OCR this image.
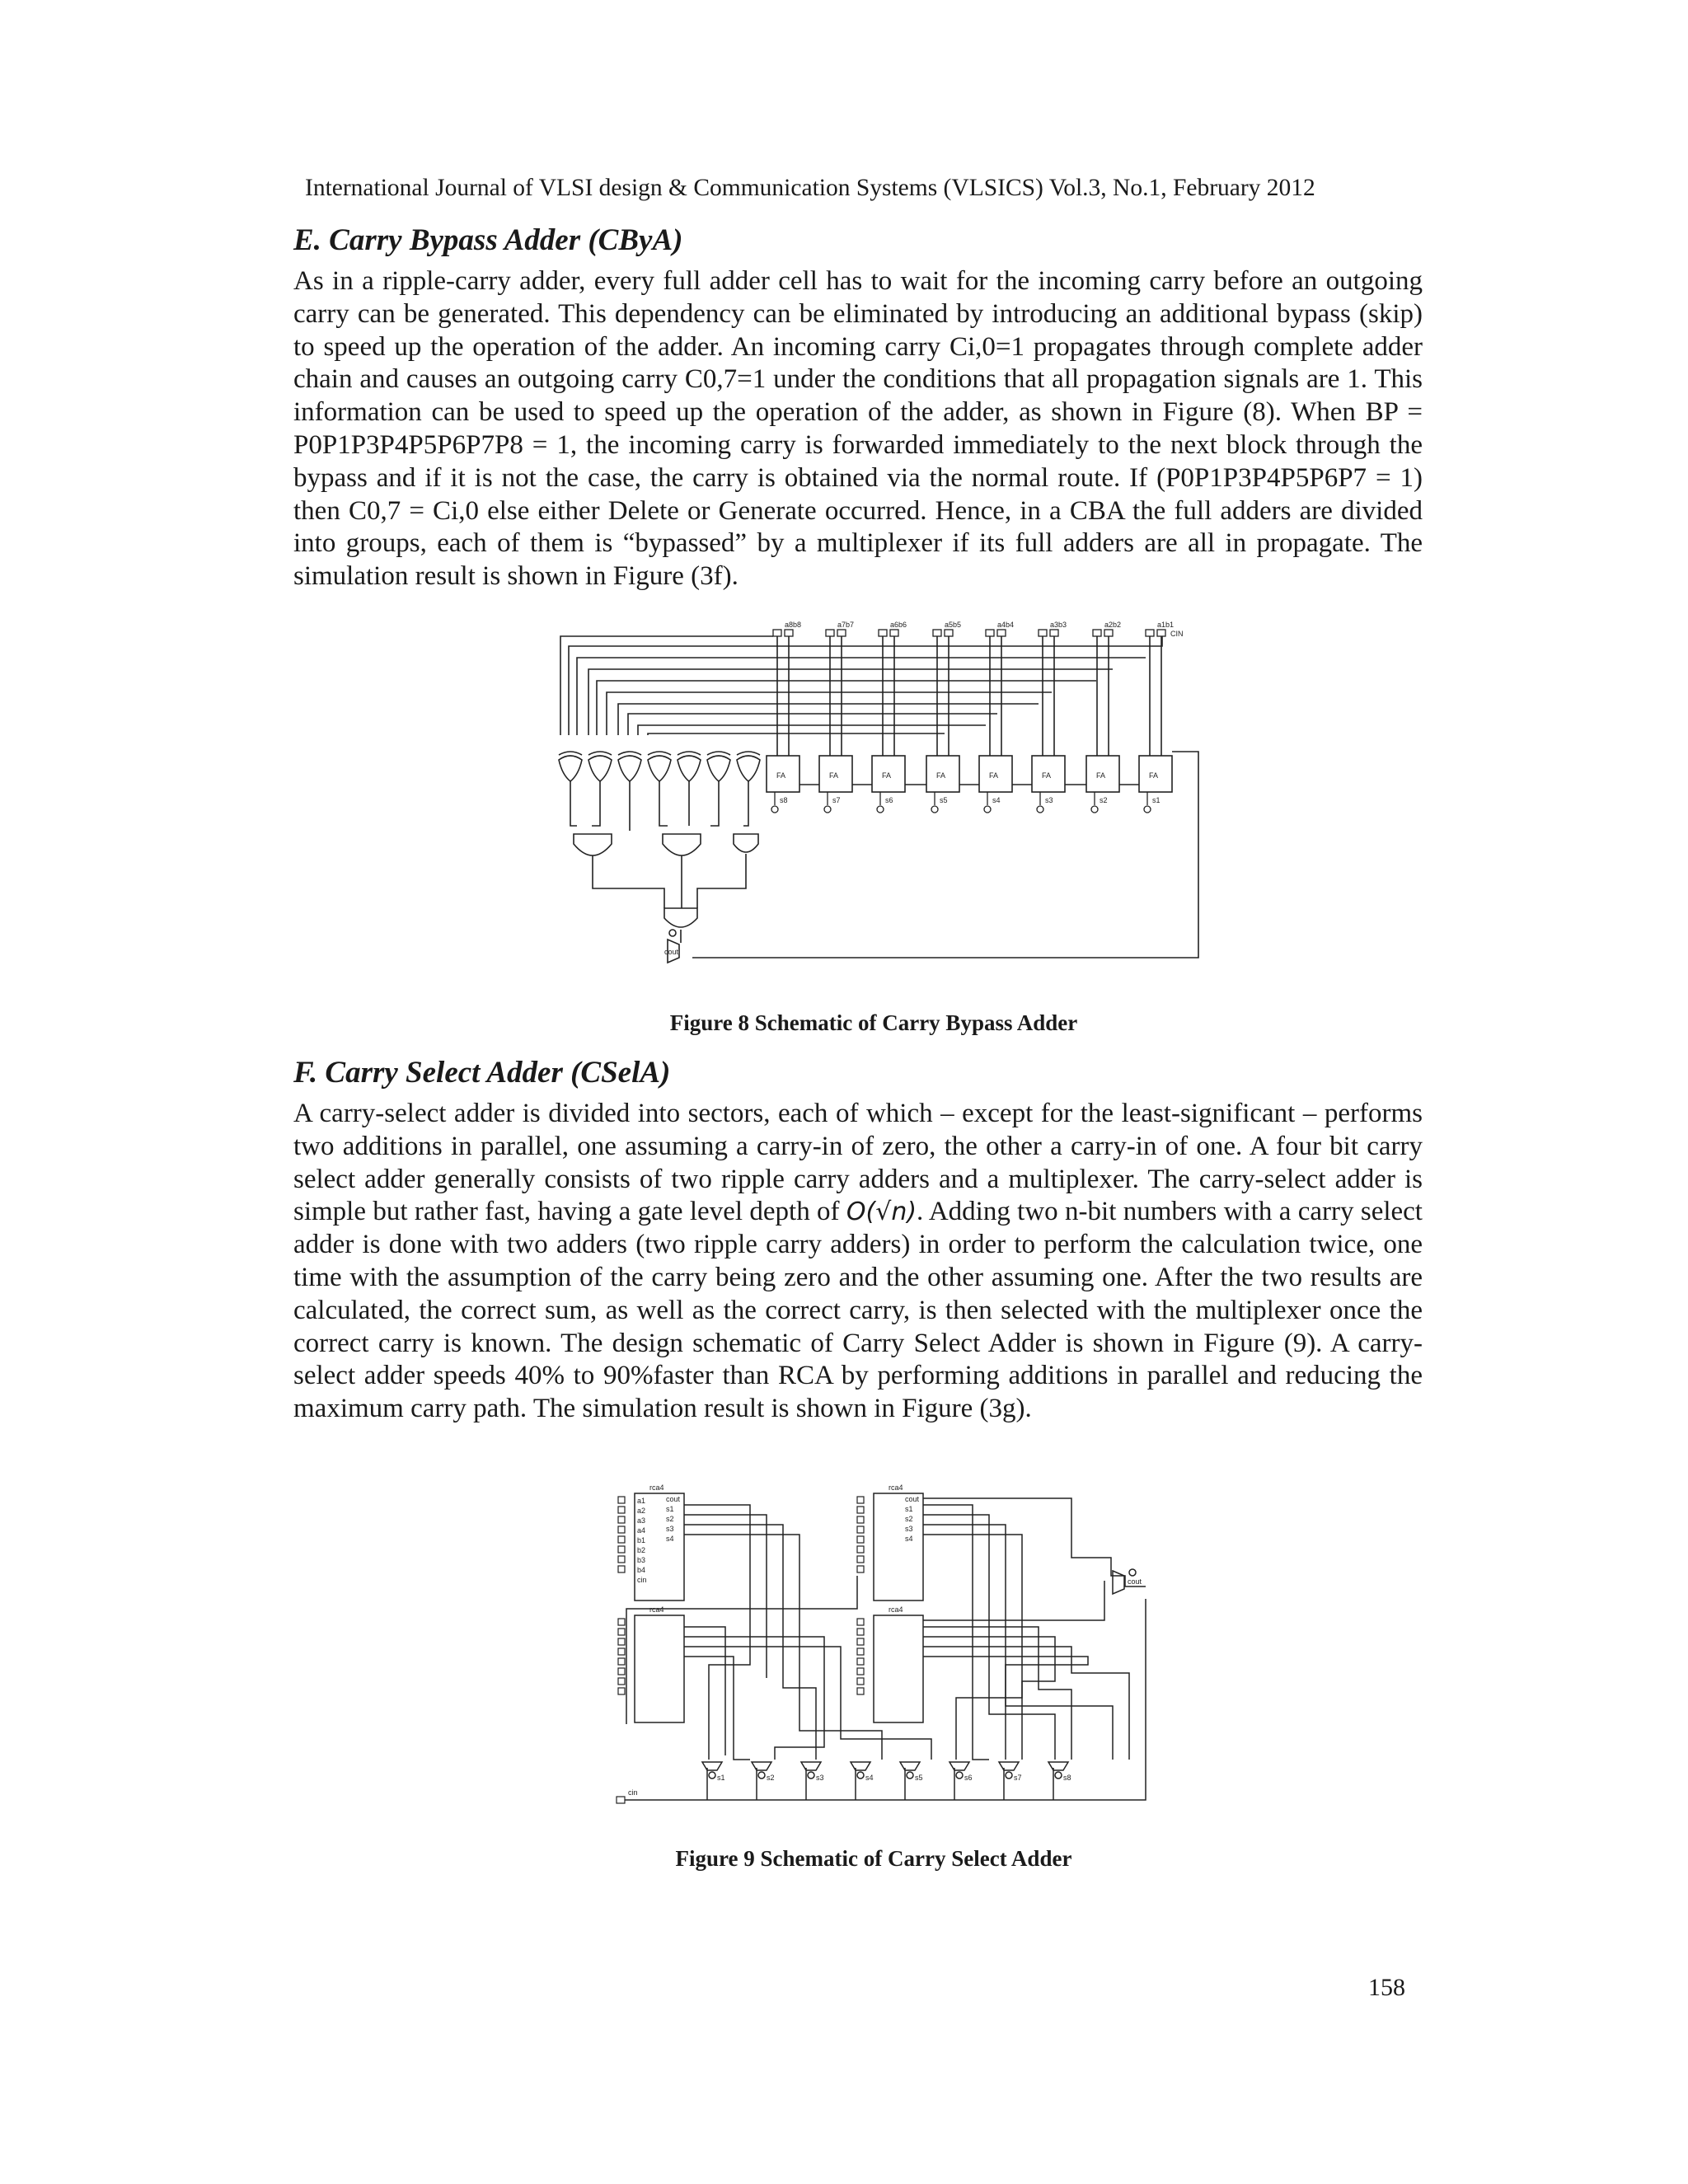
International Journal of VLSI design & Communication Systems (VLSICS) Vol.3, No.1, February 2012
E. Carry Bypass Adder (CByA)
As in a ripple-carry adder, every full adder cell has to wait for the incoming carry before an outgoing carry can be generated. This dependency can be eliminated by introducing an additional bypass (skip) to speed up the operation of the adder. An incoming carry Ci,0=1 propagates through complete adder chain and causes an outgoing carry C0,7=1 under the conditions that all propagation signals are 1. This information can be used to speed up the operation of the adder, as shown in Figure (8). When BP = P0P1P3P4P5P6P7P8 = 1, the incoming carry is forwarded immediately to the next block through the bypass and if it is not the case, the carry is obtained via the normal route. If (P0P1P3P4P5P6P7 = 1) then C0,7 = Ci,0 else either Delete or Generate occurred. Hence, in a CBA the full adders are divided into groups, each of them is “bypassed” by a multiplexer if its full adders are all in propagate. The simulation result is shown in Figure (3f).
a8b8	a7b7	a6b6	a5b5	a4b4	a3b3	a2b2	a1b1
CIN
FA	FA	FA	FA	FA	FA	FA	FA
s8	s7	s6	s5	s4	s3	s2	s1
cout
Figure 8 Schematic of Carry Bypass Adder
F. Carry Select Adder (CSelA)
A carry-select adder is divided into sectors, each of which – except for the least-significant – performs two additions in parallel, one assuming a carry-in of zero, the other a carry-in of one. A four bit carry select adder generally consists of two ripple carry adders and a multiplexer. The carry-select adder is simple but rather fast, having a gate level depth of O(√n). Adding two n-bit numbers with a carry select adder is done with two adders (two ripple carry adders) in order to perform the calculation twice, one time with the assumption of the carry being zero and the other assuming one. After the two results are calculated, the correct sum, as well as the correct carry, is then selected with the multiplexer once the correct carry is known. The design schematic of Carry Select Adder is shown in Figure (9). A carry-select adder speeds 40% to 90%faster than RCA by performing additions in parallel and reducing the maximum carry path. The simulation result is shown in Figure (3g).
rca4
rca4
rca4
rca4
a1
a2
a3
a4
b1
b2
b3
b4
cin
cout
s1
s2
s3
s4
cout
s1
s2
s3
s4
s1	s2	s3	s4	s5	s6	s7	s8
cin
cout
Figure 9 Schematic of Carry Select Adder
158
